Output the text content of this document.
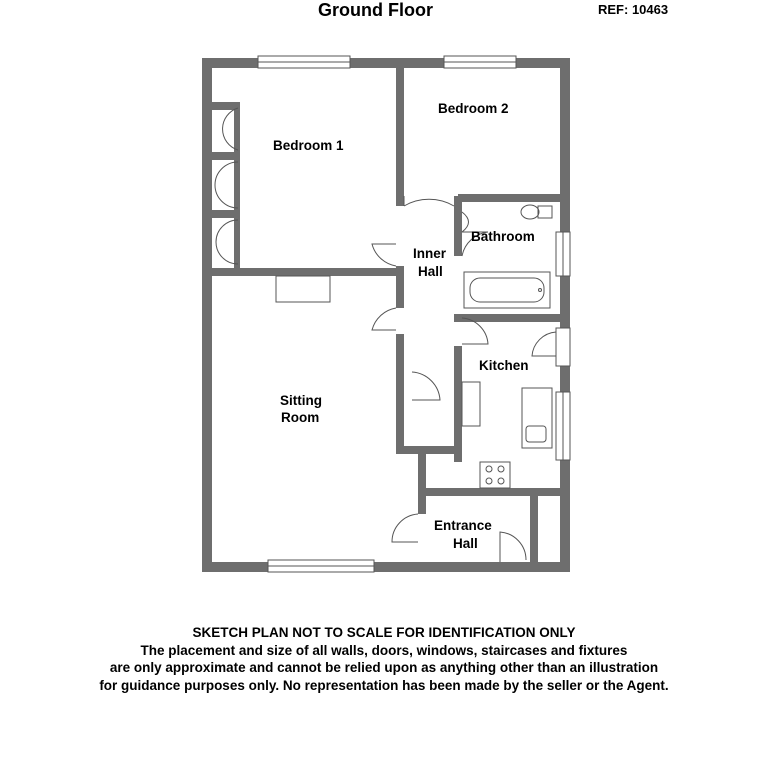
Ground Floor	REF: 10463
Bedroom 1
Bedroom 2
Bathroom
Inner
Hall
Kitchen
Sitting
Room
Entrance
Hall
SKETCH PLAN NOT TO SCALE FOR IDENTIFICATION ONLY
The placement and size of all walls, doors, windows, staircases and fixtures
are only approximate and cannot be relied upon as anything other than an illustration
for guidance purposes only. No representation has been made by the seller or the Agent.
